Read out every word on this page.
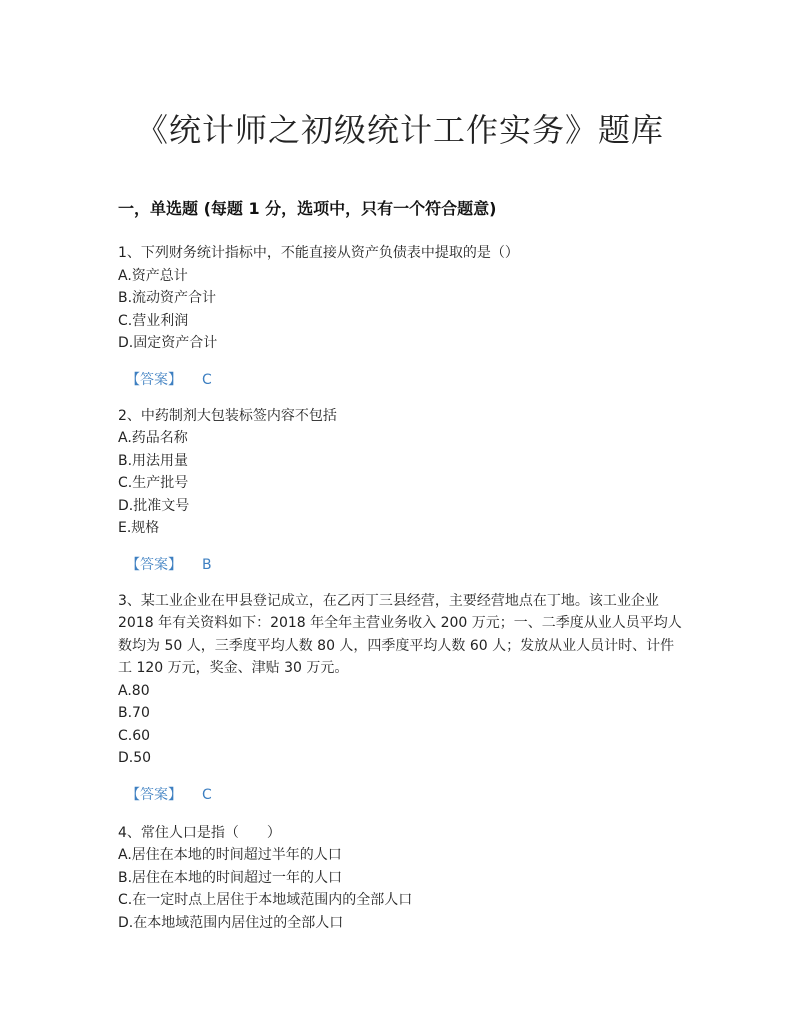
《统计师之初级统计工作实务》题库
一，单选题 (每题 1 分，选项中，只有一个符合题意)
1、下列财务统计指标中，不能直接从资产负债表中提取的是（）
A.资产总计
B.流动资产合计
C.营业利润
D.固定资产合计
【答案】 C
2、中药制剂大包装标签内容不包括
A.药品名称
B.用法用量
C.生产批号
D.批准文号
E.规格
【答案】 B
3、某工业企业在甲县登记成立，在乙丙丁三县经营，主要经营地点在丁地。该工业企业 2018 年有关资料如下：2018 年全年主营业务收入 200 万元；一、二季度从业人员平均人数均为 50 人，三季度平均人数 80 人，四季度平均人数 60 人；发放从业人员计时、计件工 120 万元，奖金、津贴 30 万元。
A.80
B.70
C.60
D.50
【答案】 C
4、常住人口是指（　　）
A.居住在本地的时间超过半年的人口
B.居住在本地的时间超过一年的人口
C.在一定时点上居住于本地域范围内的全部人口
D.在本地域范围内居住过的全部人口
